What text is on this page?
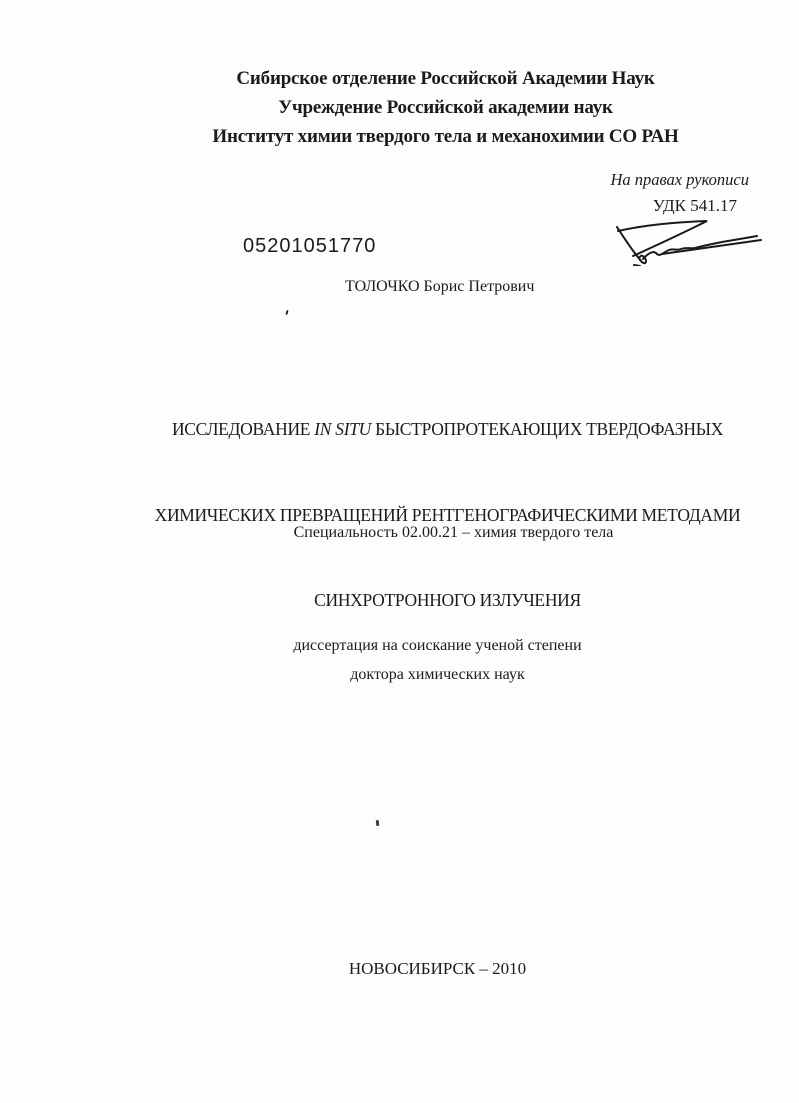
Сибирское отделение Российской Академии Наук
Учреждение Российской академии наук
Институт химии твердого тела и механохимии СО РАН
На правах рукописи
УДК 541.17
05201051770
ТОЛОЧКО Борис Петрович

ИССЛЕДОВАНИЕ IN SITU БЫСТРОПРОТЕКАЮЩИХ ТВЕРДОФАЗНЫХ

ХИМИЧЕСКИХ ПРЕВРАЩЕНИЙ РЕНТГЕНОГРАФИЧЕСКИМИ МЕТОДАМИ

СИНХРОТРОННОГО ИЗЛУЧЕНИЯ

Специальность 02.00.21 – химия твердого тела
диссертация на соискание ученой степени
доктора химических наук
НОВОСИБИРСК – 2010
